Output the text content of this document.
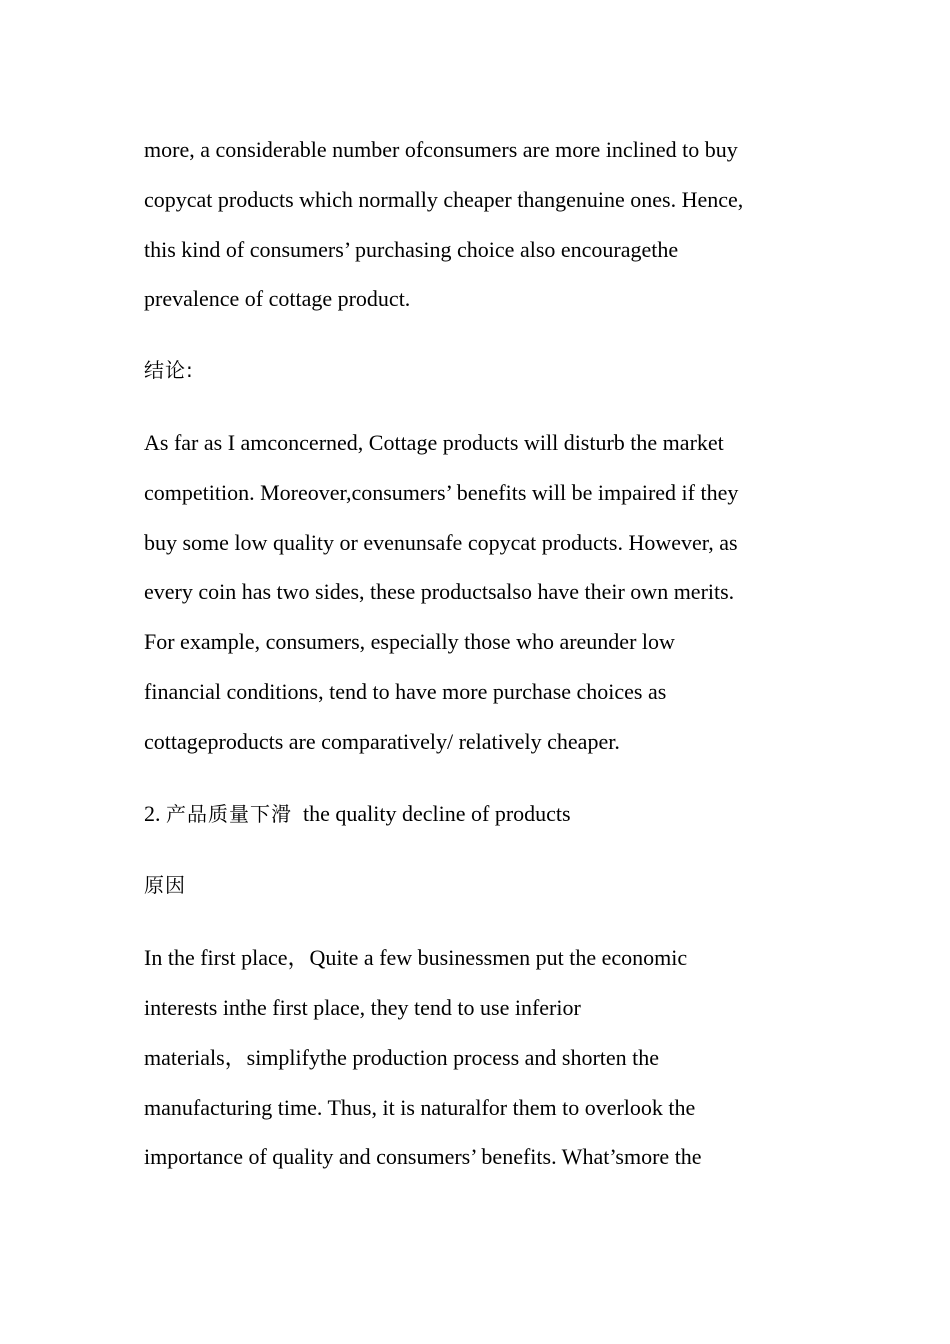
more, a considerable number ofconsumers are more inclined to buy
copycat products which normally cheaper thangenuine ones. Hence,
this kind of consumers’ purchasing choice also encouragethe
prevalence of cottage product.

结论:

As far as I amconcerned, Cottage products will disturb the market
competition. Moreover,consumers’ benefits will be impaired if they
buy some low quality or evenunsafe copycat products. However, as
every coin has two sides, these productsalso have their own merits.
For example, consumers, especially those who areunder low
financial conditions, tend to have more purchase choices as
cottageproducts are comparatively/ relatively cheaper.

2. 产品质量下滑 the quality decline of products

原因

In the first place，Quite a few businessmen put the economic
interests inthe first place, they tend to use inferior
materials，simplifythe production process and shorten the
manufacturing time. Thus, it is naturalfor them to overlook the
importance of quality and consumers’ benefits. What’smore the
